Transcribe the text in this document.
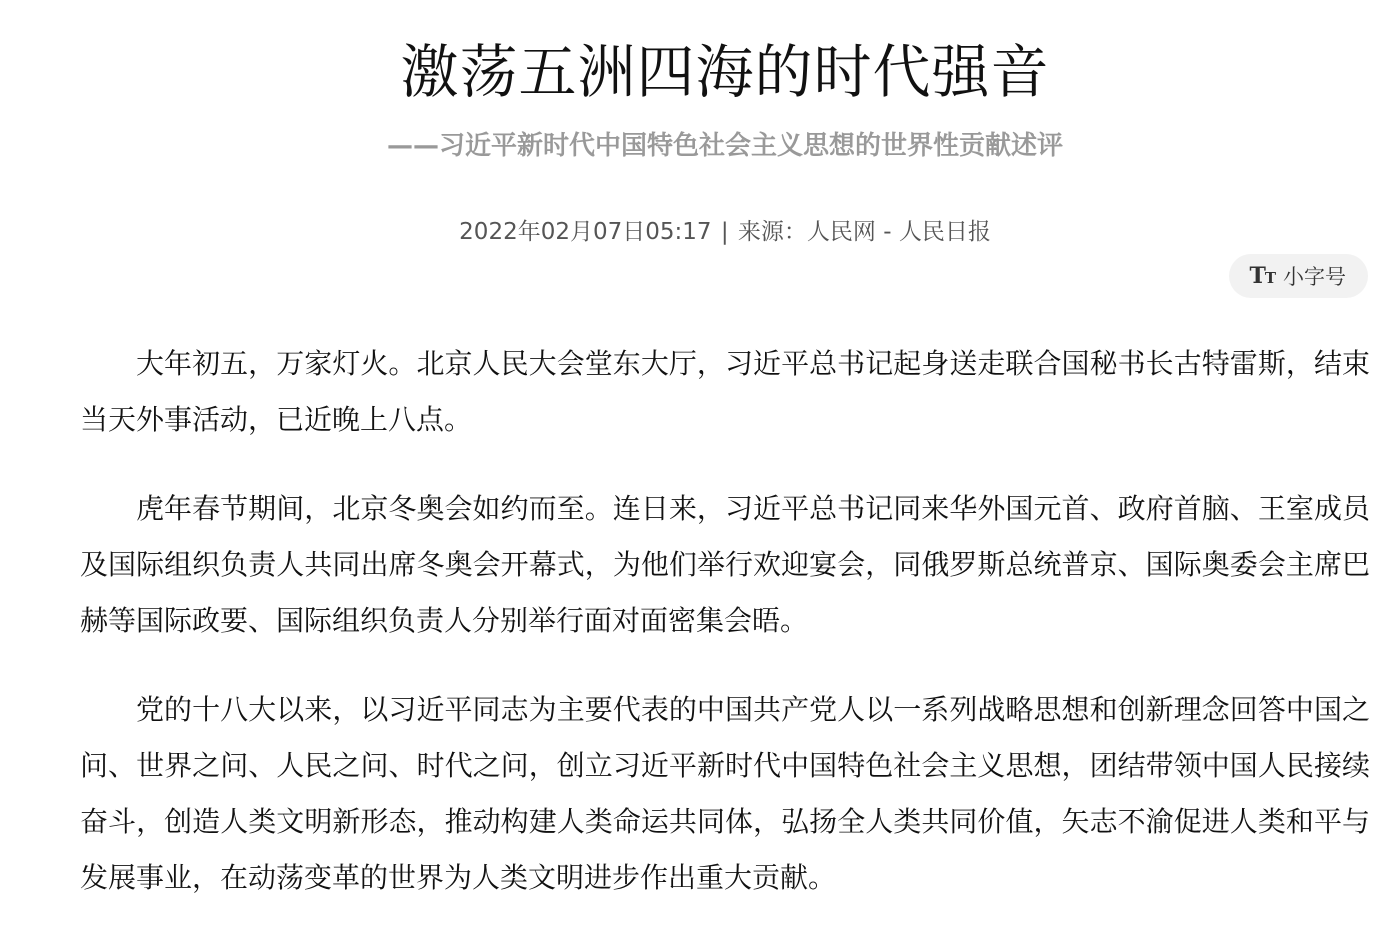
激荡五洲四海的时代强音
——习近平新时代中国特色社会主义思想的世界性贡献述评
2022年02月07日05:17 | 来源：人民网 - 人民日报
TT 小字号

大年初五，万家灯火。北京人民大会堂东大厅，习近平总书记起身送走联合国秘书长古特雷斯，结束当天外事活动，已近晚上八点。

虎年春节期间，北京冬奥会如约而至。连日来，习近平总书记同来华外国元首、政府首脑、王室成员及国际组织负责人共同出席冬奥会开幕式，为他们举行欢迎宴会，同俄罗斯总统普京、国际奥委会主席巴赫等国际政要、国际组织负责人分别举行面对面密集会晤。

党的十八大以来，以习近平同志为主要代表的中国共产党人以一系列战略思想和创新理念回答中国之问、世界之问、人民之问、时代之问，创立习近平新时代中国特色社会主义思想，团结带领中国人民接续奋斗，创造人类文明新形态，推动构建人类命运共同体，弘扬全人类共同价值，矢志不渝促进人类和平与发展事业，在动荡变革的世界为人类文明进步作出重大贡献。
